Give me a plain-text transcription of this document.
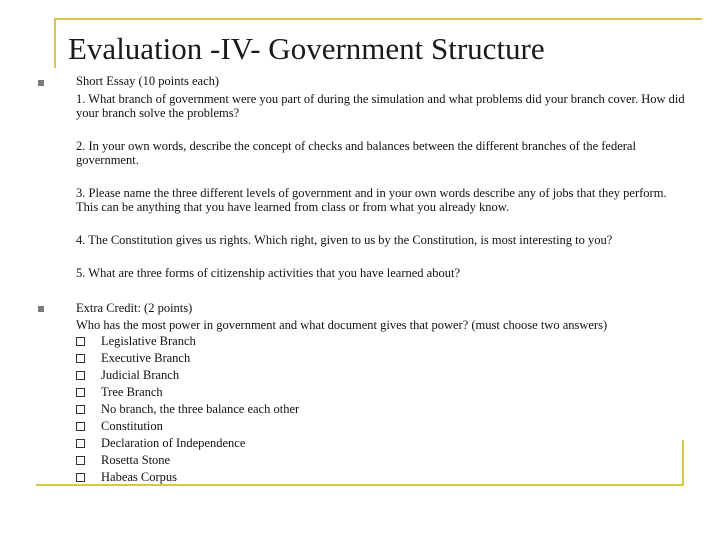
Evaluation -IV- Government Structure
Short Essay (10 points each)
1. What branch of government were you part of during the simulation and what problems did your branch cover. How did your branch solve the problems?
2. In your own words, describe the concept of checks and balances between the different branches of the federal government.
3. Please name the three different levels of government and in your own words describe any of jobs that they perform. This can be anything that you have learned from class or from what you already know.
4. The Constitution gives us rights. Which right, given to us by the Constitution, is most interesting to you?
5. What are three forms of citizenship activities that you have learned about?
Extra Credit: (2 points)
Who has the most power in government and what document gives that power? (must choose two answers)
Legislative Branch
Executive Branch
Judicial Branch
Tree Branch
No branch, the three balance each other
Constitution
Declaration of Independence
Rosetta Stone
Habeas Corpus
